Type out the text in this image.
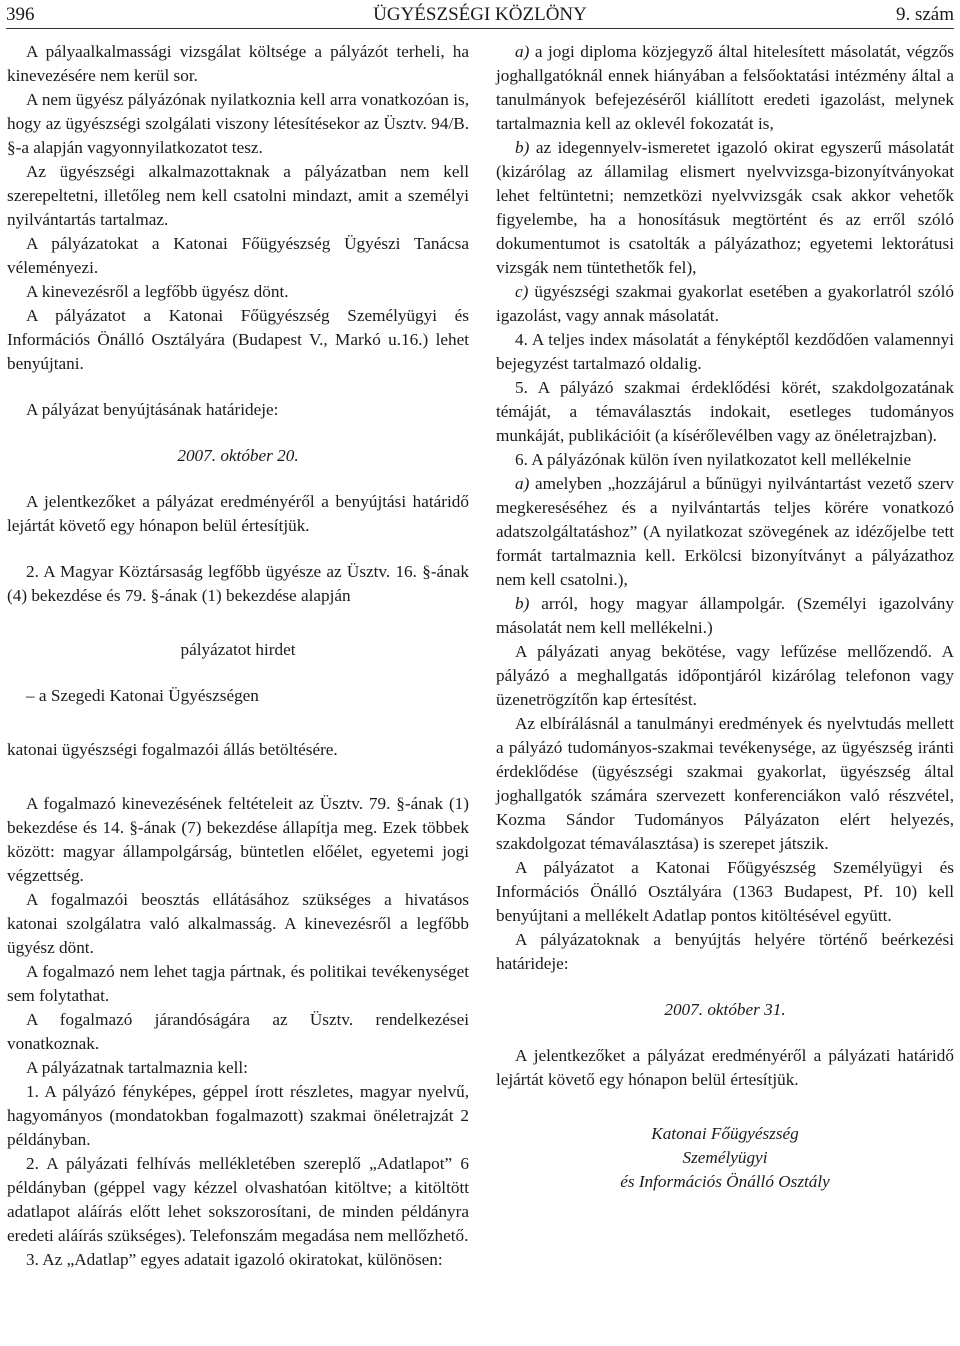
396	ÜGYÉSZSÉGI KÖZLÖNY	9. szám

A pályaalkalmassági vizsgálat költsége a pályázót terheli, ha kinevezésére nem kerül sor.

A nem ügyész pályázónak nyilatkoznia kell arra vonatkozóan is, hogy az ügyészségi szolgálati viszony létesítésekor az Üsztv. 94/B. §-a alapján vagyonnyilatkozatot tesz.

Az ügyészségi alkalmazottaknak a pályázatban nem kell szerepeltetni, illetőleg nem kell csatolni mindazt, amit a személyi nyilvántartás tartalmaz.

A pályázatokat a Katonai Főügyészség Ügyészi Tanácsa véleményezi.

A kinevezésről a legfőbb ügyész dönt.

A pályázatot a Katonai Főügyészség Személyügyi és Információs Önálló Osztályára (Budapest V., Markó u.16.) lehet benyújtani.

A pályázat benyújtásának határideje:

2007. október 20.

A jelentkezőket a pályázat eredményéről a benyújtási határidő lejártát követő egy hónapon belül értesítjük.

2. A Magyar Köztársaság legfőbb ügyésze az Üsztv. 16. §-ának (4) bekezdése és 79. §-ának (1) bekezdése alapján

pályázatot hirdet

– a Szegedi Katonai Ügyészségen

katonai ügyészségi fogalmazói állás betöltésére.

A fogalmazó kinevezésének feltételeit az Üsztv. 79. §-ának (1) bekezdése és 14. §-ának (7) bekezdése állapítja meg. Ezek többek között: magyar állampolgárság, büntetlen előélet, egyetemi jogi végzettség.

A fogalmazói beosztás ellátásához szükséges a hivatásos katonai szolgálatra való alkalmasság. A kinevezésről a legfőbb ügyész dönt.

A fogalmazó nem lehet tagja pártnak, és politikai tevékenységet sem folytathat.

A fogalmazó járandóságára az Üsztv. rendelkezései vonatkoznak.

A pályázatnak tartalmaznia kell:

1. A pályázó fényképes, géppel írott részletes, magyar nyelvű, hagyományos (mondatokban fogalmazott) szakmai önéletrajzát 2 példányban.

2. A pályázati felhívás mellékletében szereplő „Adatlapot” 6 példányban (géppel vagy kézzel olvashatóan kitöltve; a kitöltött adatlapot aláírás előtt lehet sokszorosítani, de minden példányra eredeti aláírás szükséges). Telefonszám megadása nem mellőzhető.

3. Az „Adatlap” egyes adatait igazoló okiratokat, különösen:

a) a jogi diploma közjegyző által hitelesített másolatát, végzős joghallgatóknál ennek hiányában a felsőoktatási intézmény által a tanulmányok befejezéséről kiállított eredeti igazolást, melynek tartalmaznia kell az oklevél fokozatát is,

b) az idegennyelv-ismeretet igazoló okirat egyszerű másolatát (kizárólag az államilag elismert nyelvvizsga-bizonyítványokat lehet feltüntetni; nemzetközi nyelvvizsgák csak akkor vehetők figyelembe, ha a honosításuk megtörtént és az erről szóló dokumentumot is csatolták a pályázathoz; egyetemi lektorátusi vizsgák nem tüntethetők fel),

c) ügyészségi szakmai gyakorlat esetében a gyakorlatról szóló igazolást, vagy annak másolatát.

4. A teljes index másolatát a fényképtől kezdődően valamennyi bejegyzést tartalmazó oldalig.

5. A pályázó szakmai érdeklődési körét, szakdolgozatának témáját, a témaválasztás indokait, esetleges tudományos munkáját, publikációit (a kísérőlevélben vagy az önéletrajzban).

6. A pályázónak külön íven nyilatkozatot kell mellékelnie

a) amelyben „hozzájárul a bűnügyi nyilvántartást vezető szerv megkereséséhez és a nyilvántartás teljes körére vonatkozó adatszolgáltatáshoz” (A nyilatkozat szövegének az idézőjelbe tett formát tartalmaznia kell. Erkölcsi bizonyítványt a pályázathoz nem kell csatolni.),

b) arról, hogy magyar állampolgár. (Személyi igazolvány másolatát nem kell mellékelni.)

A pályázati anyag bekötése, vagy lefűzése mellőzendő. A pályázó a meghallgatás időpontjáról kizárólag telefonon vagy üzenetrögzítőn kap értesítést.

Az elbírálásnál a tanulmányi eredmények és nyelvtudás mellett a pályázó tudományos-szakmai tevékenysége, az ügyészség iránti érdeklődése (ügyészségi szakmai gyakorlat, ügyészség által joghallgatók számára szervezett konferenciákon való részvétel, Kozma Sándor Tudományos Pályázaton elért helyezés, szakdolgozat témaválasztása) is szerepet játszik.

A pályázatot a Katonai Főügyészség Személyügyi és Információs Önálló Osztályára (1363 Budapest, Pf. 10) kell benyújtani a mellékelt Adatlap pontos kitöltésével együtt.

A pályázatoknak a benyújtás helyére történő beérkezési határideje:

2007. október 31.

A jelentkezőket a pályázat eredményéről a pályázati határidő lejártát követő egy hónapon belül értesítjük.

Katonai Főügyészség

Személyügyi

és Információs Önálló Osztály
